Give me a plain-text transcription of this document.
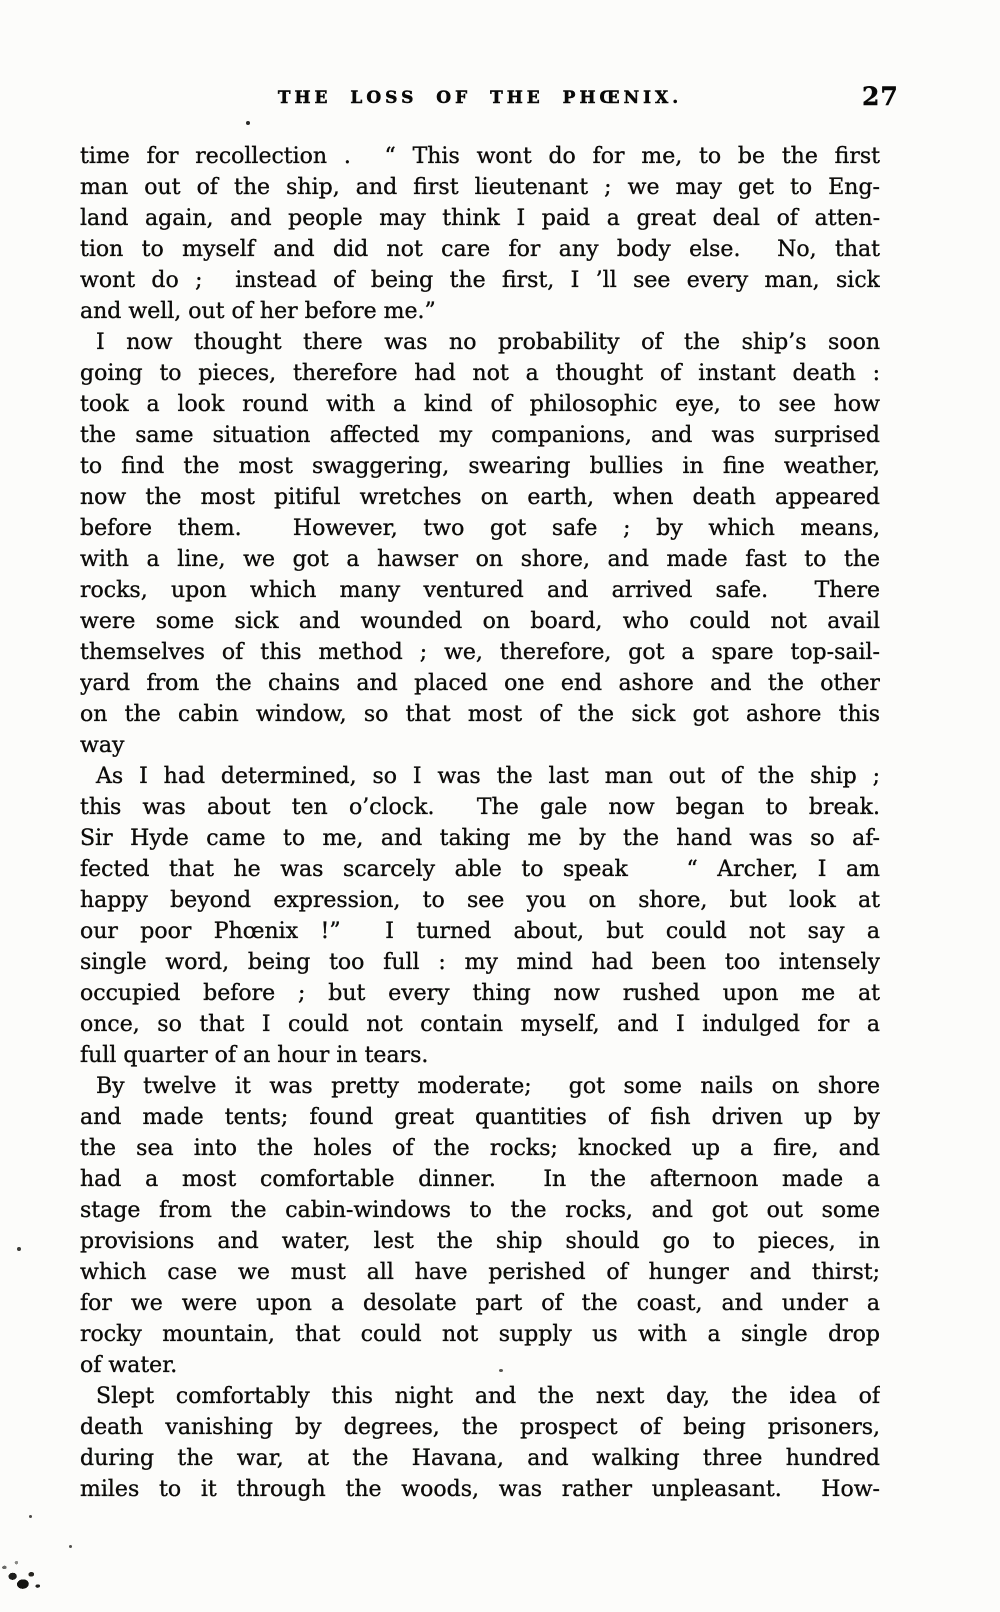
THE LOSS OF THE PHŒNIX.	27
time for recollection .  “ This wont do for me, to be the first
man out of the ship, and first lieutenant ; we may get to Eng-
land again, and people may think I paid a great deal of atten-
tion to myself and did not care for any body else.  No, that
wont do ;  instead of being the first, I ’ll see every man, sick
and well, out of her before me.”
I now thought there was no probability of the ship’s soon
going to pieces, therefore had not a thought of instant death :
took a look round with a kind of philosophic eye, to see how
the same situation affected my companions, and was surprised
to find the most swaggering, swearing bullies in fine weather,
now the most pitiful wretches on earth, when death appeared
before them.  However, two got safe ; by which means,
with a line, we got a hawser on shore, and made fast to the
rocks, upon which many ventured and arrived safe.  There
were some sick and wounded on board, who could not avail
themselves of this method ; we, therefore, got a spare top-sail-
yard from the chains and placed one end ashore and the other
on the cabin window, so that most of the sick got ashore this
way
As I had determined, so I was the last man out of the ship ;
this was about ten o’clock.  The gale now began to break.
Sir Hyde came to me, and taking me by the hand was so af-
fected that he was scarcely able to speak   “ Archer, I am
happy beyond expression, to see you on shore, but look at
our poor Phœnix !”  I turned about, but could not say a
single word, being too full : my mind had been too intensely
occupied before ; but every thing now rushed upon me at
once, so that I could not contain myself, and I indulged for a
full quarter of an hour in tears.
By twelve it was pretty moderate;  got some nails on shore
and made tents; found great quantities of fish driven up by
the sea into the holes of the rocks; knocked up a fire, and
had a most comfortable dinner.  In the afternoon made a
stage from the cabin-windows to the rocks, and got out some
provisions and water, lest the ship should go to pieces, in
which case we must all have perished of hunger and thirst;
for we were upon a desolate part of the coast, and under a
rocky mountain, that could not supply us with a single drop
of water.
Slept comfortably this night and the next day, the idea of
death vanishing by degrees, the prospect of being prisoners,
during the war, at the Havana, and walking three hundred
miles to it through the woods, was rather unpleasant.  How-
